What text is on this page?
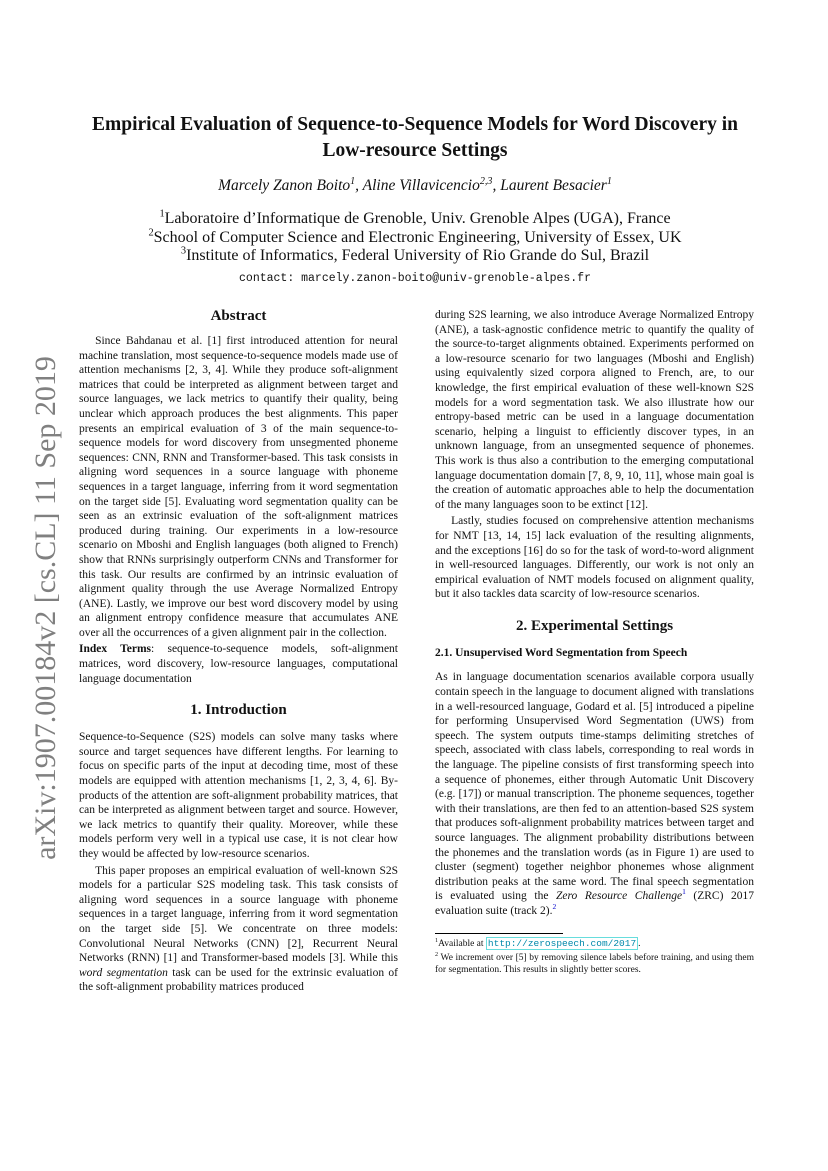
arXiv:1907.00184v2 [cs.CL] 11 Sep 2019
Empirical Evaluation of Sequence-to-Sequence Models for Word Discovery in
Low-resource Settings
Marcely Zanon Boito$^1$, Aline Villavicencio$^{2,3}$, Laurent Besacier$^1$
$^1$Laboratoire d’Informatique de Grenoble, Univ. Grenoble Alpes (UGA), France
$^2$School of Computer Science and Electronic Engineering, University of Essex, UK
$^3$Institute of Informatics, Federal University of Rio Grande do Sul, Brazil
contact: marcely.zanon-boito@univ-grenoble-alpes.fr
Abstract

Since Bahdanau et al. [1] first introduced attention for neural machine translation, most sequence-to-sequence models made use of attention mechanisms [2, 3, 4]. While they produce soft-alignment matrices that could be interpreted as alignment between target and source languages, we lack metrics to quantify their quality, being unclear which approach produces the best alignments. This paper presents an empirical evaluation of 3 of the main sequence-to-sequence models for word discovery from unsegmented phoneme sequences: CNN, RNN and Transformer-based. This task consists in aligning word sequences in a source language with phoneme sequences in a target language, inferring from it word segmentation on the target side [5]. Evaluating word segmentation quality can be seen as an extrinsic evaluation of the soft-alignment matrices produced during training. Our experiments in a low-resource scenario on Mboshi and English languages (both aligned to French) show that RNNs surprisingly outperform CNNs and Transformer for this task. Our results are confirmed by an intrinsic evaluation of alignment quality through the use Average Normalized Entropy (ANE). Lastly, we improve our best word discovery model by using an alignment entropy confidence measure that accumulates ANE over all the occurrences of a given alignment pair in the collection.

Index Terms: sequence-to-sequence models, soft-alignment matrices, word discovery, low-resource languages, computational language documentation

1. Introduction

Sequence-to-Sequence (S2S) models can solve many tasks where source and target sequences have different lengths. For learning to focus on specific parts of the input at decoding time, most of these models are equipped with attention mechanisms [1, 2, 3, 4, 6]. By-products of the attention are soft-alignment probability matrices, that can be interpreted as alignment between target and source. However, we lack metrics to quantify their quality. Moreover, while these models perform very well in a typical use case, it is not clear how they would be affected by low-resource scenarios.

This paper proposes an empirical evaluation of well-known S2S models for a particular S2S modeling task. This task consists of aligning word sequences in a source language with phoneme sequences in a target language, inferring from it word segmentation on the target side [5]. We concentrate on three models: Convolutional Neural Networks (CNN) [2], Recurrent Neural Networks (RNN) [1] and Transformer-based models [3]. While this word segmentation task can be used for the extrinsic evaluation of the soft-alignment probability matrices produced

during S2S learning, we also introduce Average Normalized Entropy (ANE), a task-agnostic confidence metric to quantify the quality of the source-to-target alignments obtained. Experiments performed on a low-resource scenario for two languages (Mboshi and English) using equivalently sized corpora aligned to French, are, to our knowledge, the first empirical evaluation of these well-known S2S models for a word segmentation task. We also illustrate how our entropy-based metric can be used in a language documentation scenario, helping a linguist to efficiently discover types, in an unknown language, from an unsegmented sequence of phonemes. This work is thus also a contribution to the emerging computational language documentation domain [7, 8, 9, 10, 11], whose main goal is the creation of automatic approaches able to help the documentation of the many languages soon to be extinct [12].

Lastly, studies focused on comprehensive attention mechanisms for NMT [13, 14, 15] lack evaluation of the resulting alignments, and the exceptions [16] do so for the task of word-to-word alignment in well-resourced languages. Differently, our work is not only an empirical evaluation of NMT models focused on alignment quality, but it also tackles data scarcity of low-resource scenarios.

2. Experimental Settings
2.1. Unsupervised Word Segmentation from Speech

As in language documentation scenarios available corpora usually contain speech in the language to document aligned with translations in a well-resourced language, Godard et al. [5] introduced a pipeline for performing Unsupervised Word Segmentation (UWS) from speech. The system outputs time-stamps delimiting stretches of speech, associated with class labels, corresponding to real words in the language. The pipeline consists of first transforming speech into a sequence of phonemes, either through Automatic Unit Discovery (e.g. [17]) or manual transcription. The phoneme sequences, together with their translations, are then fed to an attention-based S2S system that produces soft-alignment probability matrices between target and source languages. The alignment probability distributions between the phonemes and the translation words (as in Figure 1) are used to cluster (segment) together neighbor phonemes whose alignment distribution peaks at the same word. The final speech segmentation is evaluated using the Zero Resource Challenge$^1$ (ZRC) 2017 evaluation suite (track 2).$^2$

$^1$Available at http://zerospeech.com/2017 .

$^2$ We increment over [5] by removing silence labels before training, and using them for segmentation. This results in slightly better scores.
